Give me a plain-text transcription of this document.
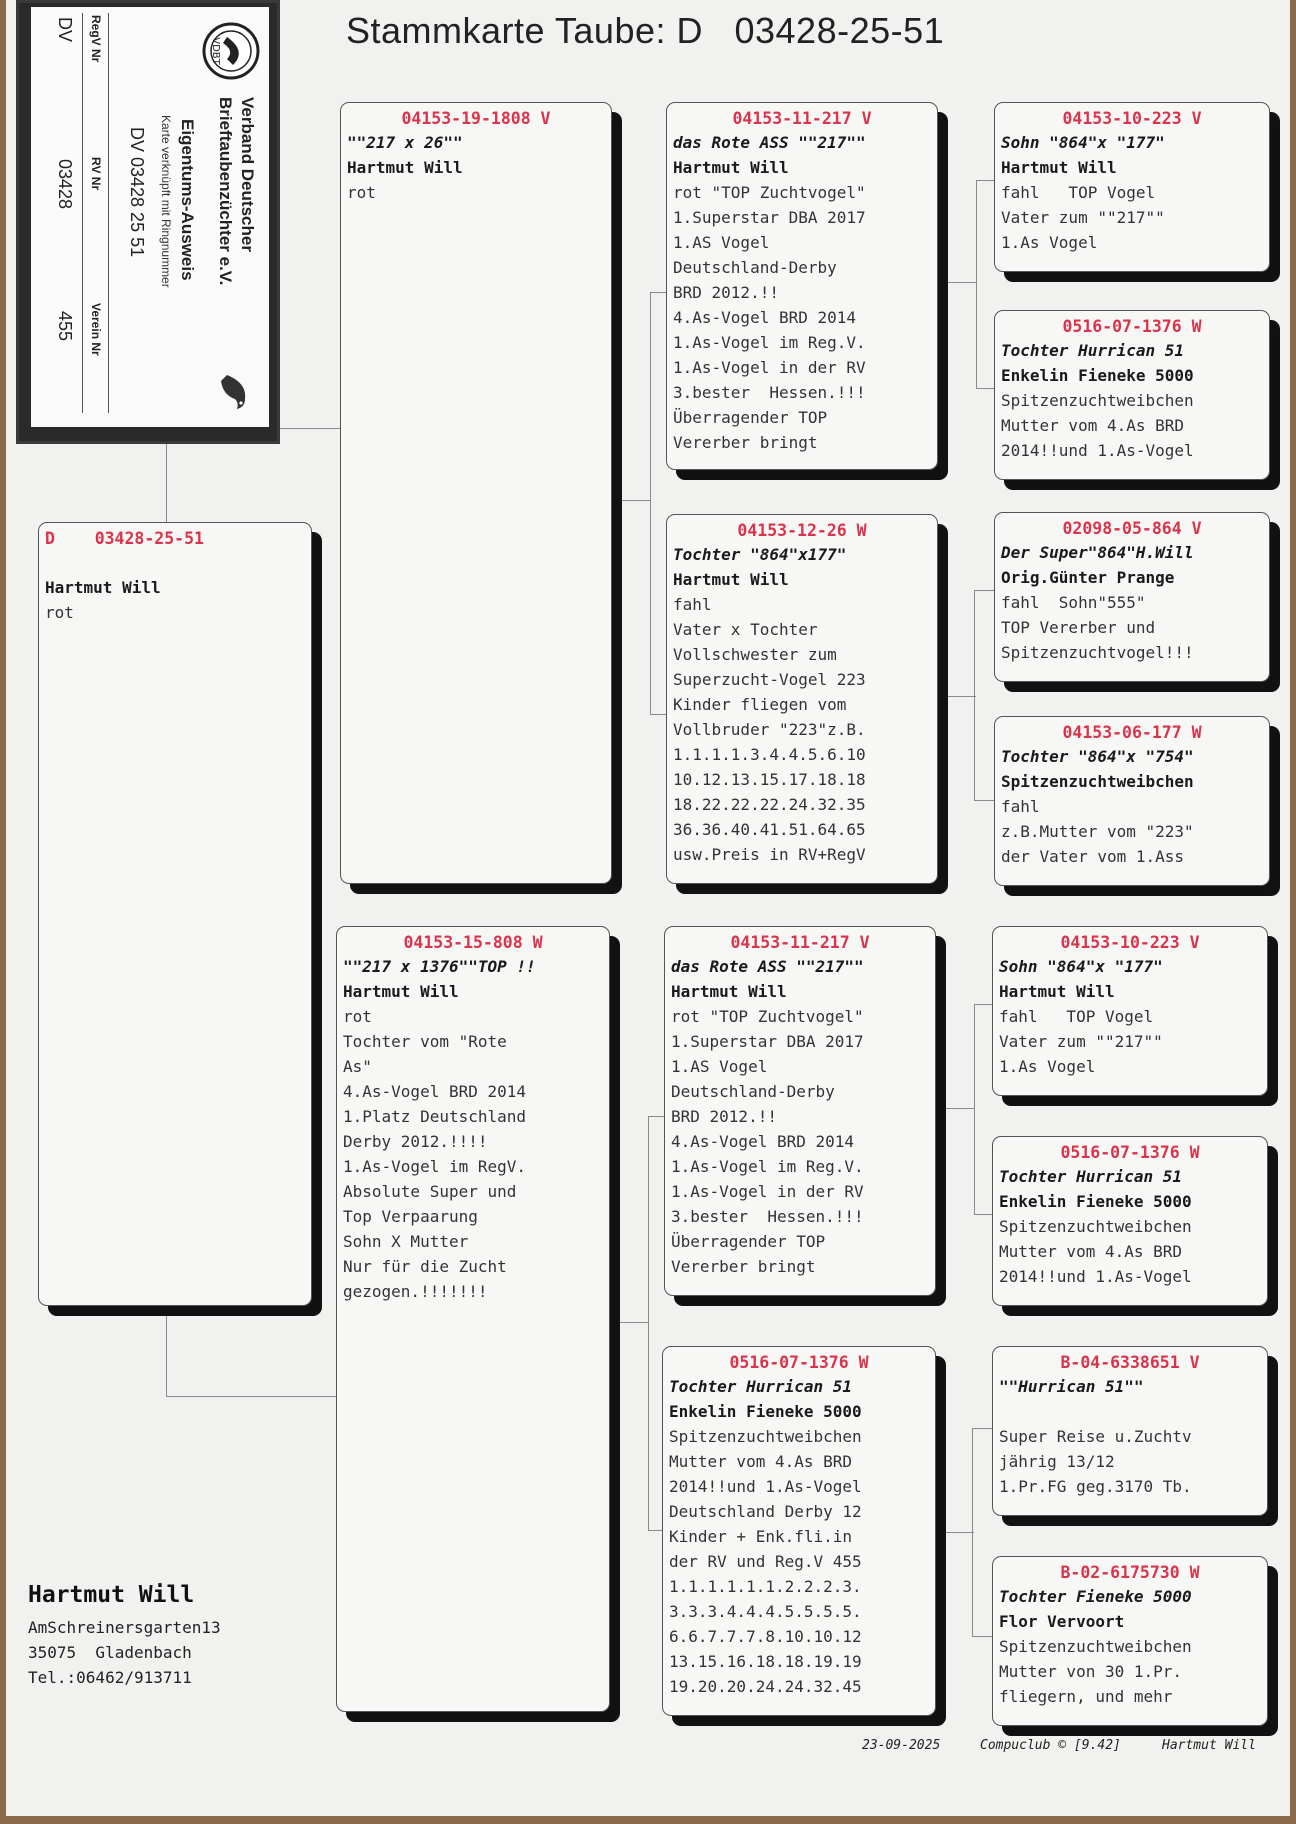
Stammkarte Taube: D   03428-25-51
VDBT
Verband Deutscher
Brieftaubenzüchter e.V.
Eigentums-Ausweis
Karte verknüpft mit Ringnummer
DV 03428 25 51
RegV Nr
RV Nr
Verein Nr
DV
03428
455
D 03428-25-51
Hartmut Will
rot
04153-19-1808 V
""217 x 26""
Hartmut Will
rot
04153-15-808 W
""217 x 1376""TOP !!
Hartmut Will
rot
Tochter vom "Rote
As"
4.As-Vogel BRD 2014
1.Platz Deutschland
Derby 2012.!!!!
1.As-Vogel im RegV.
Absolute Super und
Top Verpaarung
Sohn X Mutter
Nur für die Zucht
gezogen.!!!!!!!
04153-11-217 V
das Rote ASS ""217""
Hartmut Will
rot "TOP Zuchtvogel"
1.Superstar DBA 2017
1.AS Vogel
Deutschland-Derby
BRD 2012.!!
4.As-Vogel BRD 2014
1.As-Vogel im Reg.V.
1.As-Vogel in der RV
3.bester  Hessen.!!!
Überragender TOP
Vererber bringt
04153-12-26 W
Tochter "864"x177"
Hartmut Will
fahl
Vater x Tochter
Vollschwester zum
Superzucht-Vogel 223
Kinder fliegen vom
Vollbruder "223"z.B.
1.1.1.1.3.4.4.5.6.10
10.12.13.15.17.18.18
18.22.22.22.24.32.35
36.36.40.41.51.64.65
usw.Preis in RV+RegV
04153-11-217 V
das Rote ASS ""217""
Hartmut Will
rot "TOP Zuchtvogel"
1.Superstar DBA 2017
1.AS Vogel
Deutschland-Derby
BRD 2012.!!
4.As-Vogel BRD 2014
1.As-Vogel im Reg.V.
1.As-Vogel in der RV
3.bester  Hessen.!!!
Überragender TOP
Vererber bringt
0516-07-1376 W
Tochter Hurrican 51
Enkelin Fieneke 5000
Spitzenzuchtweibchen
Mutter vom 4.As BRD
2014!!und 1.As-Vogel
Deutschland Derby 12
Kinder + Enk.fli.in
der RV und Reg.V 455
1.1.1.1.1.1.2.2.2.3.
3.3.3.4.4.4.5.5.5.5.
6.6.7.7.7.8.10.10.12
13.15.16.18.18.19.19
19.20.20.24.24.32.45
04153-10-223 V
Sohn "864"x "177"
Hartmut Will
fahl   TOP Vogel
Vater zum ""217""
1.As Vogel
0516-07-1376 W
Tochter Hurrican 51
Enkelin Fieneke 5000
Spitzenzuchtweibchen
Mutter vom 4.As BRD
2014!!und 1.As-Vogel
02098-05-864 V
Der Super"864"H.Will
Orig.Günter Prange
fahl  Sohn"555"
TOP Vererber und
Spitzenzuchtvogel!!!
04153-06-177 W
Tochter "864"x "754"
Spitzenzuchtweibchen
fahl
z.B.Mutter vom "223"
der Vater vom 1.Ass
04153-10-223 V
Sohn "864"x "177"
Hartmut Will
fahl   TOP Vogel
Vater zum ""217""
1.As Vogel
0516-07-1376 W
Tochter Hurrican 51
Enkelin Fieneke 5000
Spitzenzuchtweibchen
Mutter vom 4.As BRD
2014!!und 1.As-Vogel
B-04-6338651 V
""Hurrican 51""
Super Reise u.Zuchtv
jährig 13/12
1.Pr.FG geg.3170 Tb.
B-02-6175730 W
Tochter Fieneke 5000
Flor Vervoort
Spitzenzuchtweibchen
Mutter von 30 1.Pr.
fliegern, und mehr
Hartmut Will
AmSchreinersgarten13
35075  Gladenbach
Tel.:06462/913711
23-09-2025	Compuclub © [9.42]	Hartmut Will
